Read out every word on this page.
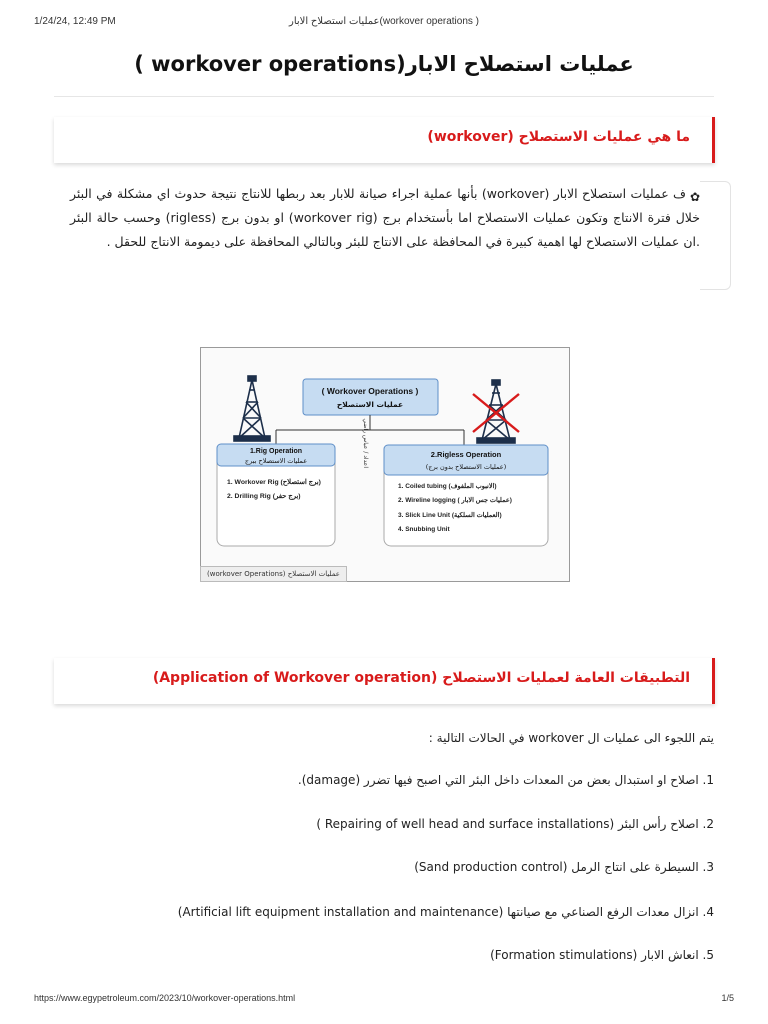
1/24/24, 12:49 PM	عمليات استصلاح الابار(workover operations )
عمليات استصلاح الابار(workover operations )
ما هي عمليات الاستصلاح (workover)
✿
ف عمليات استصلاح الابار (workover) بأنها عملية اجراء صيانة للابار بعد ربطها للانتاج نتيجة حدوث اي مشكلة في البئر خلال فترة الانتاج وتكون عمليات الاستصلاح اما بأستخدام برج (workover rig) او بدون برج (rigless) وحسب حالة البئر .ان عمليات الاستصلاح لها اهمية كبيرة في المحافظة على الانتاج للبئر وبالتالي المحافظة على ديمومة الانتاج للحقل .
( Workover Operations )
عمليات الاستصلاح
1.Rig Operation
عمليات الاستصلاح ببرج
1. Workover Rig (برج استصلاح)
2. Drilling Rig (برج حفر)
اعداد / عباس راضي	2.Rigless Operation
(عمليات الاستصلاح بدون برج)
1. Coiled tubing (الانبوب الملفوف)
2. Wireline logging ( عمليات جس الابار)
3. Slick Line Unit (العمليات السلكية)
4. Snubbing Unit
عمليات الاستصلاح (workover Operations)
التطبيقات العامة لعمليات الاستصلاح (Application of Workover operation)
يتم اللجوء الى عمليات ال workover في الحالات التالية :
1. اصلاح او استبدال بعض من المعدات داخل البئر التي اصبح فيها تضرر (damage).
2. اصلاح رأس البئر (Repairing of well head and surface installations )
3. السيطرة على انتاج الرمل (Sand production control)
4. انزال معدات الرفع الصناعي مع صيانتها (Artificial lift equipment installation and maintenance)
5. انعاش الابار (Formation stimulations)
https://www.egypetroleum.com/2023/10/workover-operations.html	1/5
